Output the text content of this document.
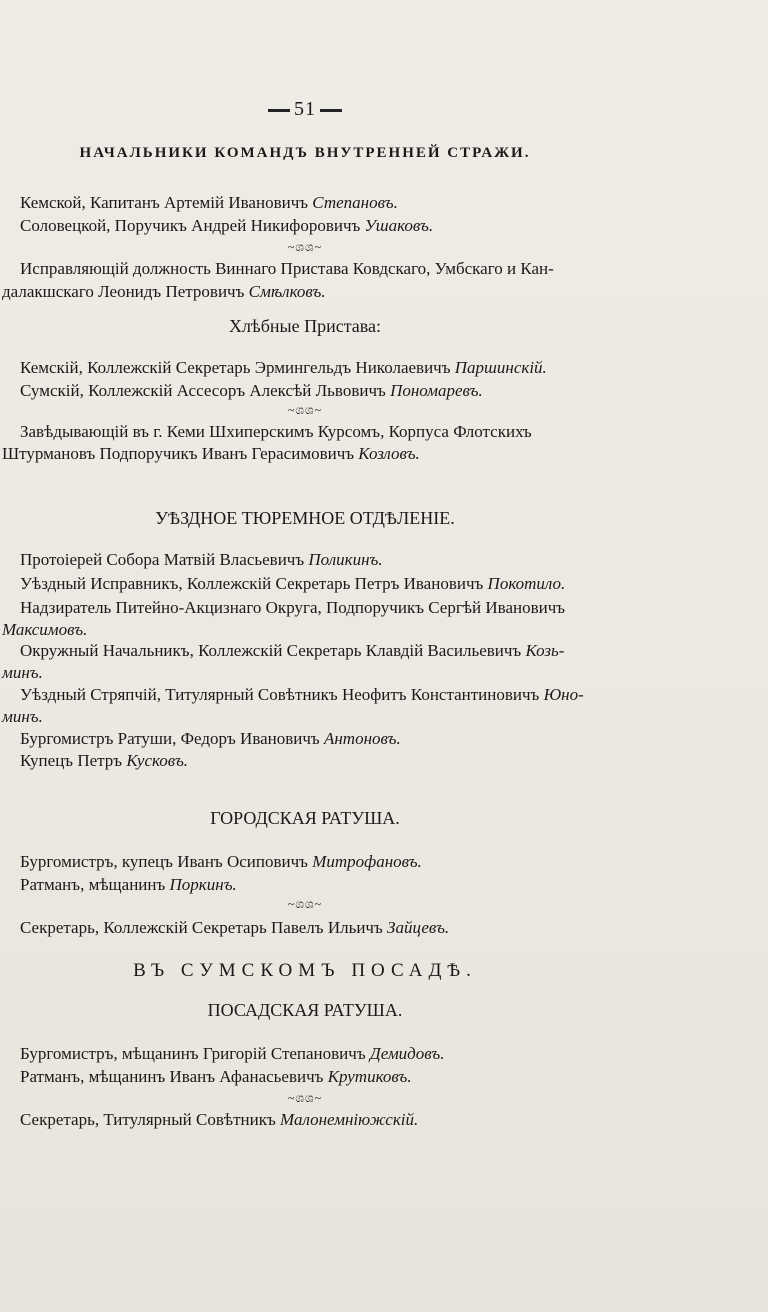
51
НАЧАЛЬНИКИ КОМАНДЪ ВНУТРЕННЕЙ СТРАЖИ.
Кемской, Капитанъ Артемій Ивановичъ Степановъ.
Соловецкой, Поручикъ Андрей Никифоровичъ Ушаковъ.
~ශශ~
Исправляющій должность Виннаго Пристава Ковдскаго, Умбскаго и Кан-
далакшскаго Леонидъ Петровичъ Смѣлковъ.
Хлѣбные Пристава:
Кемскій, Коллежскій Секретарь Эрмингельдъ Николаевичъ Паршинскій.
Сумскій, Коллежскій Ассесоръ Алексѣй Львовичъ Пономаревъ.
~ශශ~
Завѣдывающій въ г. Кеми Шхиперскимъ Курсомъ, Корпуса Флотскихъ
Штурмановъ Подпоручикъ Иванъ Герасимовичъ Козловъ.
УѢЗДНОЕ ТЮРЕМНОЕ ОТДѢЛЕНІЕ.
Протоіерей Собора Матвій Власьевичъ Поликинъ.
Уѣздный Исправникъ, Коллежскій Секретарь Петръ Ивановичъ Покотило.
Надзиратель Питейно-Акцизнаго Округа, Подпоручикъ Сергѣй Ивановичъ
Максимовъ.
Окружный Начальникъ, Коллежскій Секретарь Клавдій Васильевичъ Козь-
минъ.
Уѣздный Стряпчій, Титулярный Совѣтникъ Неофитъ Константиновичъ Юно-
минъ.
Бургомистръ Ратуши, Федоръ Ивановичъ Антоновъ.
Купецъ Петръ Кусковъ.
ГОРОДСКАЯ РАТУША.
Бургомистръ, купецъ Иванъ Осиповичъ Митрофановъ.
Ратманъ, мѣщанинъ Поркинъ.
~ශශ~
Секретарь, Коллежскій Секретарь Павелъ Ильичъ Зайцевъ.
ВЪ СУМСКОМЪ ПОСАДѢ.
ПОСАДСКАЯ РАТУША.
Бургомистръ, мѣщанинъ Григорій Степановичъ Демидовъ.
Ратманъ, мѣщанинъ Иванъ Афанасьевичъ Крутиковъ.
~ශශ~
Секретарь, Титулярный Совѣтникъ Малонемніюжскій.
